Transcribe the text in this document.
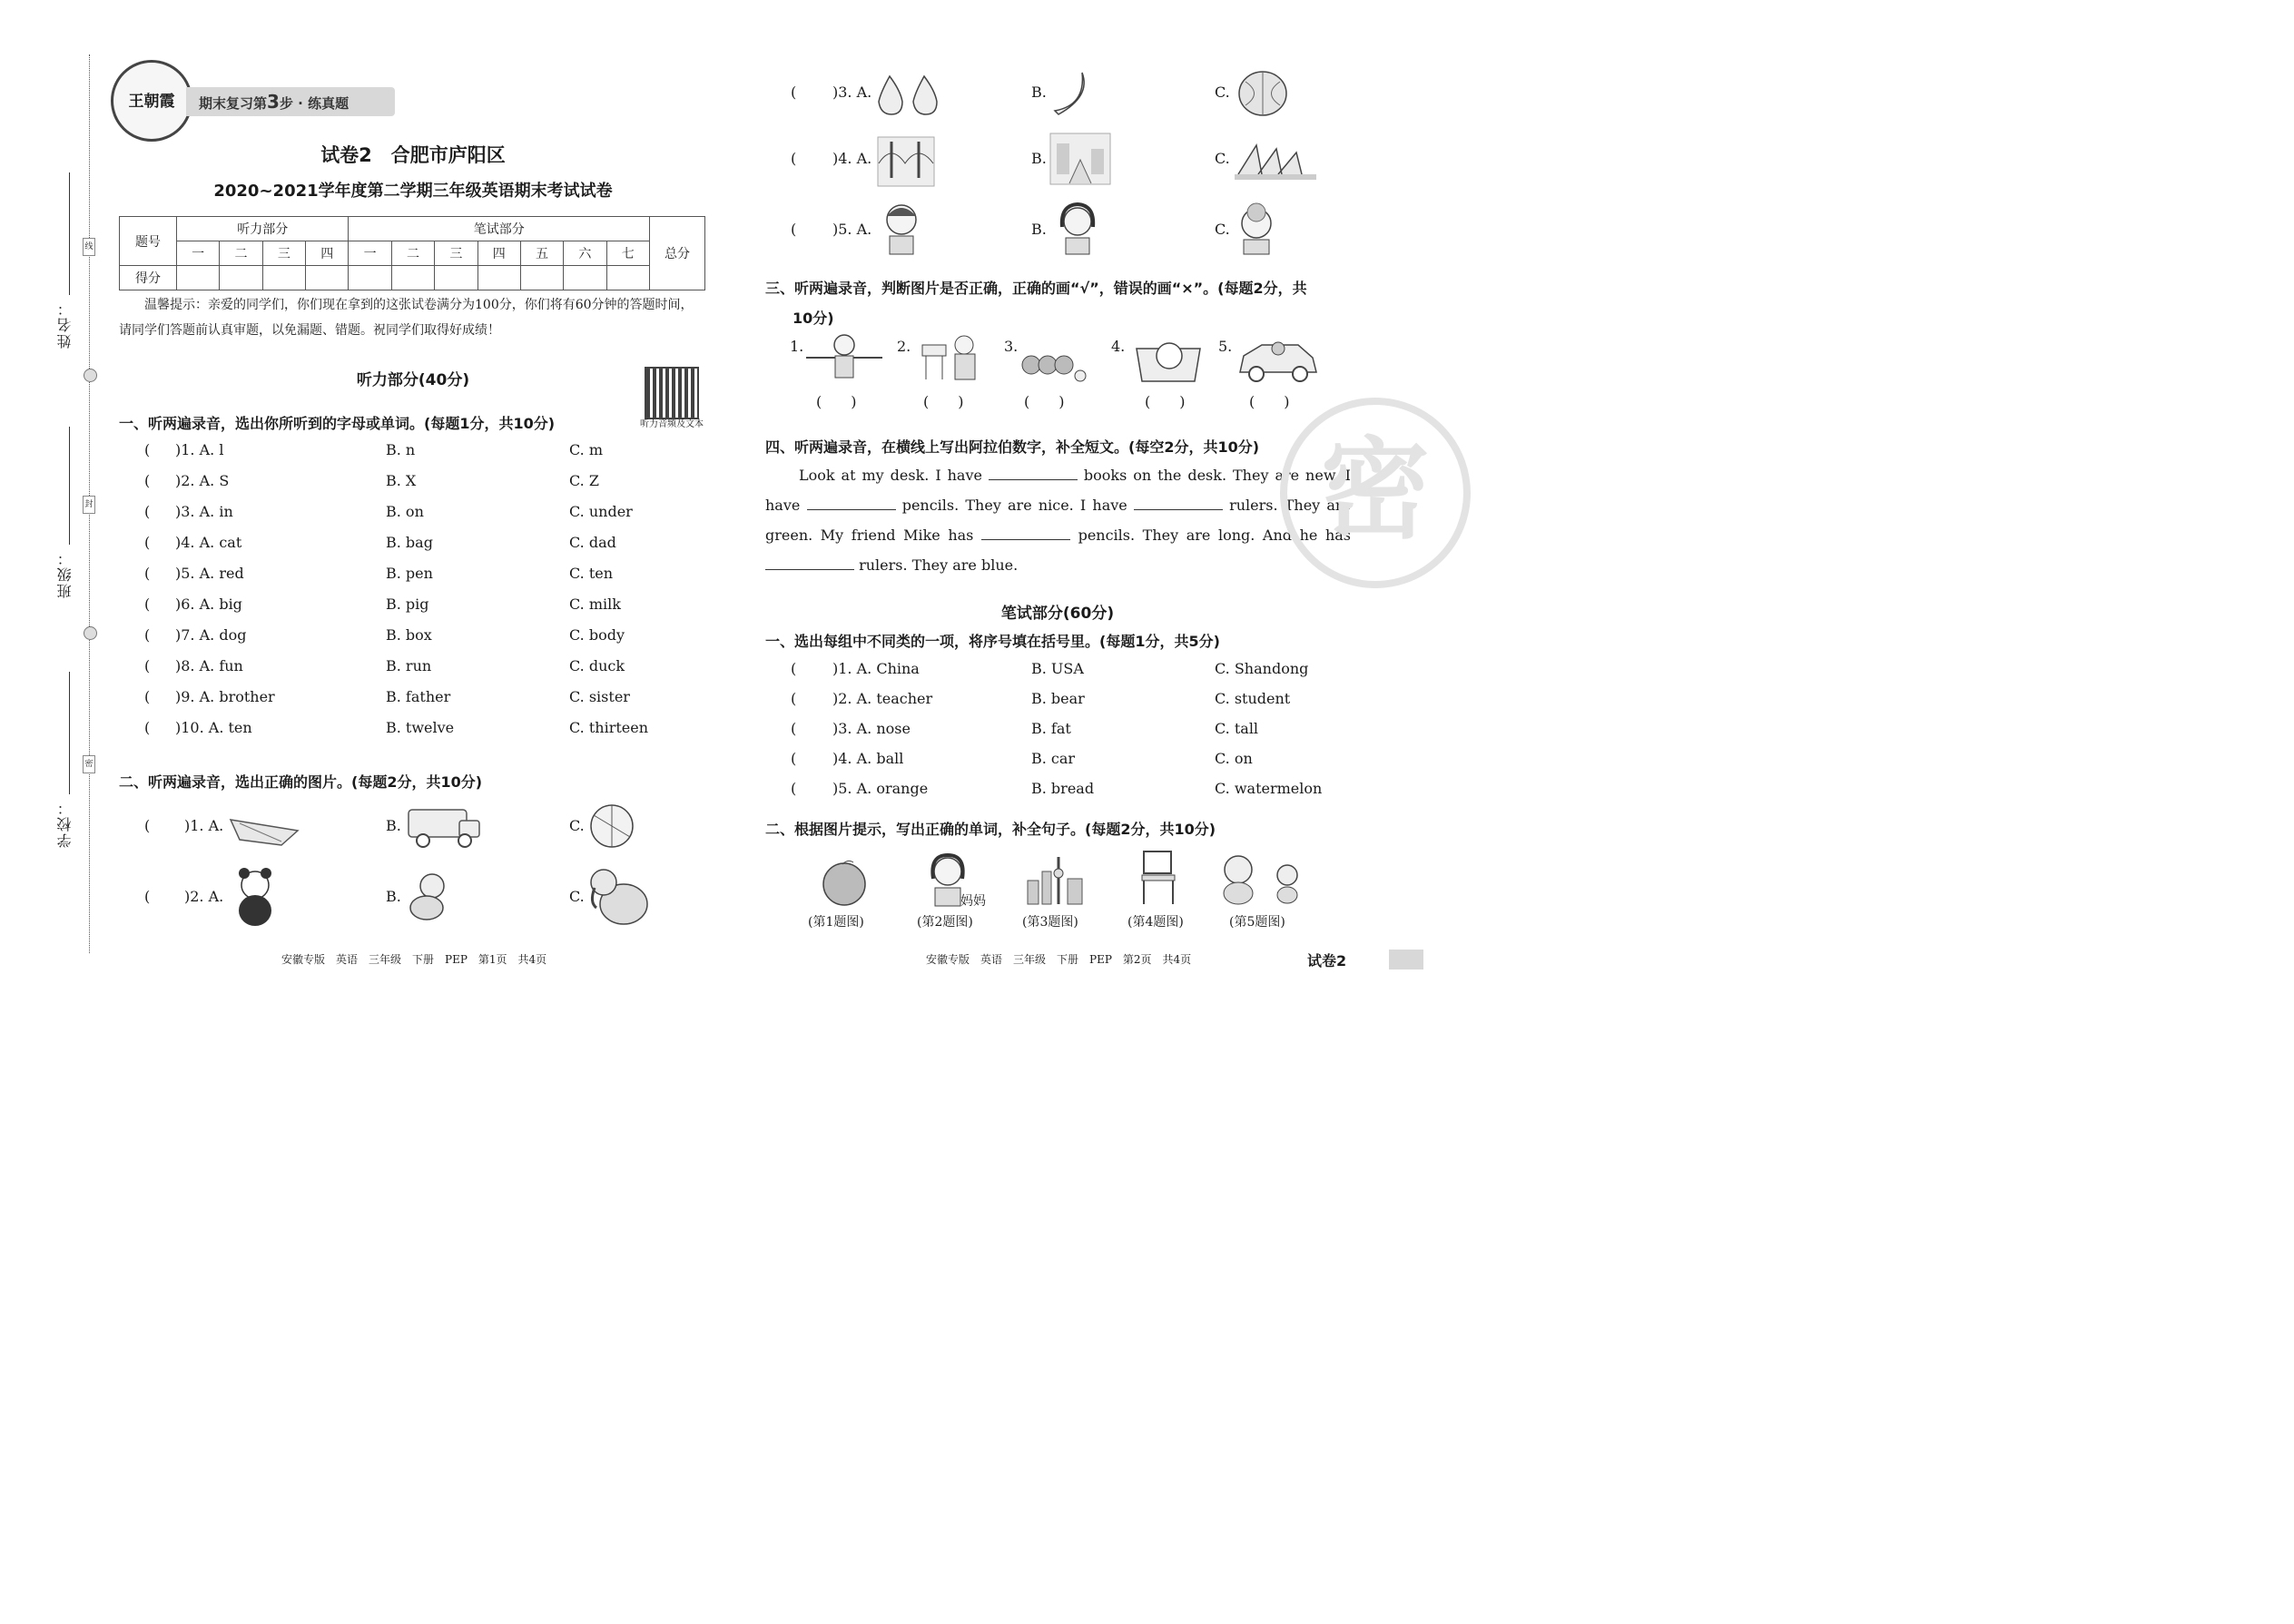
线
封
密
姓名：
班级：
学校：
王朝霞	期末复习第3步 · 练真题
试卷2　合肥市庐阳区
2020~2021学年度第二学期三年级英语期末考试试卷
题号	听力部分				笔试部分							总分
	一	二	三	四	一	二	三	四	五	六	七	
得分												
温馨提示：亲爱的同学们，你们现在拿到的这张试卷满分为100分，你们将有60分钟的答题时间，请同学们答题前认真审题，以免漏题、错题。祝同学们取得好成绩！
听力部分(40分)
听力音频及文本
一、听两遍录音，选出你所听到的字母或单词。(每题1分，共10分)
( )1. A. l	B. n	C. m
( )2. A. S	B. X	C. Z
( )3. A. in	B. on	C. under
( )4. A. cat	B. bag	C. dad
( )5. A. red	B. pen	C. ten
( )6. A. big	B. pig	C. milk
( )7. A. dog	B. box	C. body
( )8. A. fun	B. run	C. duck
( )9. A. brother	B. father	C. sister
( )10. A. ten	B. twelve	C. thirteen
二、听两遍录音，选出正确的图片。(每题2分，共10分)
( )1. A.	B.	C.
( )2. A.	B.	C.
安徽专版　英语　三年级　下册　PEP　第1页　共4页
( )3. A.	B.	C.
( )4. A.	B.	C.
( )5. A.	B.	C.
三、听两遍录音，判断图片是否正确，正确的画“√”，错误的画“×”。(每题2分，共
10分)
1.
(　　)
2.
(　　)
3.
(　　)
4.
(　　)
5.
(　　)
四、听两遍录音，在横线上写出阿拉伯数字，补全短文。(每空2分，共10分)
Look at my desk. I have	books on the desk. They are new. I have	pencils. They are nice. I have	rulers. They are green. My friend Mike has	pencils. They are long. And he has  rulers. They are blue.
密
笔试部分(60分)
一、选出每组中不同类的一项，将序号填在括号里。(每题1分，共5分)
( )1. A. China	B. USA	C. Shandong
( )2. A. teacher	B. bear	C. student
( )3. A. nose	B. fat	C. tall
( )4. A. ball	B. car	C. on
( )5. A. orange	B. bread	C. watermelon
二、根据图片提示，写出正确的单词，补全句子。(每题2分，共10分)
(第1题图)
妈妈
(第2题图)	(第3题图)	(第4题图)	(第5题图)
安徽专版　英语　三年级　下册　PEP　第2页　共4页	试卷2
